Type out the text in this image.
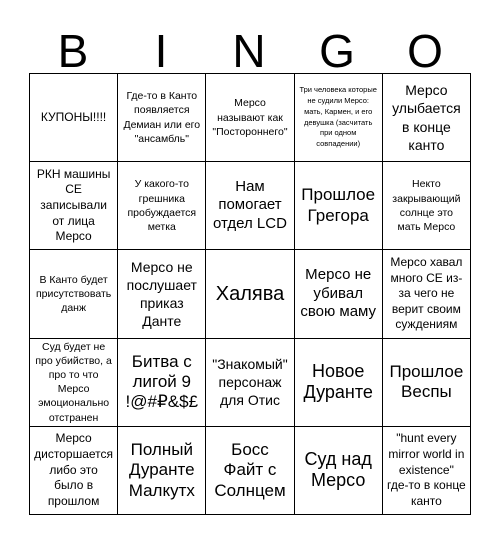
B	I	N	G	O
КУПОНЫ!!!!
Где-то в Канто появляется Демиан или его "ансамбль"
Мерсо называют как "Постороннего"
Три человека которые не судили Мерсо: мать, Кармен, и его девушка (засчитать при одном совпадении)
Мерсо улыбается в конце канто
РКН машины СЕ записывали от лица Мерсо
У какого-то грешника пробуждается метка
Нам помогает отдел LCD
Прошлое Грегора
Некто закрывающий солнце это мать Мерсо
В Канто будет присутствовать данж
Мерсо не послушает приказ Данте
Халява
Мерсо не убивал свою маму
Мерсо хавал много СЕ из-за чего не верит своим суждениям
Суд будет не про убийство, а про то что Мерсо эмоционально отстранен
Битва с лигой 9 !@#₽&$£
"Знакомый" персонаж для Отис
Новое Дуранте
Прошлое Веспы
Мерсо дисторшается либо это было в прошлом
Полный Дуранте Малкутх
Босс Файт с Солнцем
Суд над Мерсо
"hunt every mirror world in existence" где-то в конце канто
